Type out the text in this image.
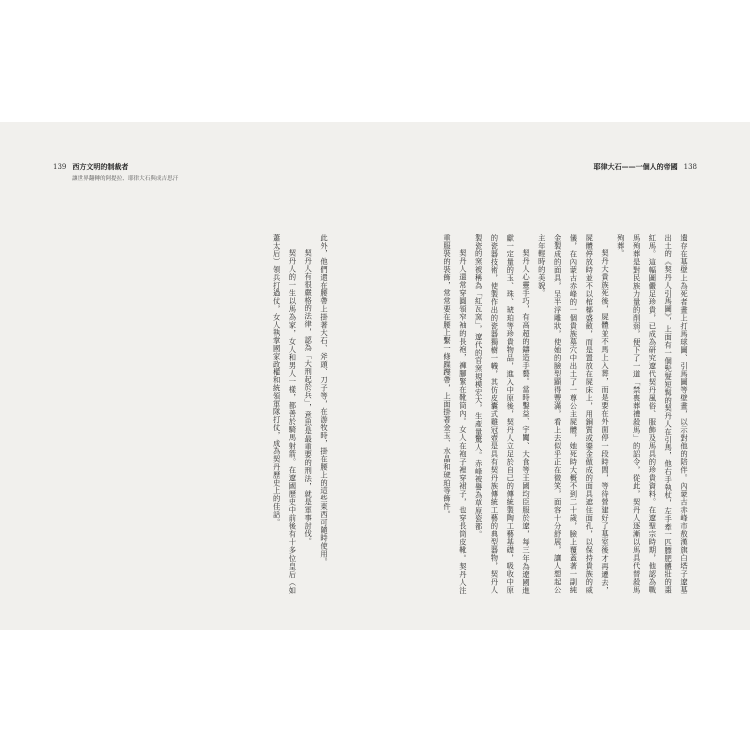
139 西方文明的制裁者
讓世界翻轉的阿提拉、耶律大石與成吉思汗
耶律大石——一個人的帝國 138

遺存在墓壁上為死者畫上打馬球圖、引馬圖等壁畫，以示對他的陪伴。內蒙古赤峰市敖漢旗白塔子遼墓出土的《契丹人引馬圖》，上面有一個髡髮短髯的契丹人在引馬，他右手執杖，左手牽一匹膘肥體壯的棗紅馬。這幅圖儼足珍貴，已成為研究遼代契丹風俗、服飾及馬具的珍貴資料。在遼聖宗時期，他認為戰馬殉葬是對民族力量的削弱，便下了一道「禁喪葬禮殺馬」的詔令，從此，契丹人逐漸以馬具代替殺馬殉葬。

契丹大貴族死後，屍體並不馬上入葬，而是要在外面停一段時間，等待營建好了墓室後才再遷去，屍體停放時並不以棺槨盛斂，而是置放在屍床上，用銅質或鎏金做成的面具遮住面孔，以保持貴族的威儀，在內蒙古赤峰的一個貴族墓穴中出土了一尊公主屍體，她死時大概不到二十歲，臉上覆蓋著一副純金製成的面具，呈半浮雕狀，使她的臉型顯得豐滿，看上去似乎正在微笑，面容十分舒展，讓人想起公主年輕時的美貌。

契丹人心靈手巧，有高超的鑄造手藝。當時鑿益、宇闐、大食等王國均臣服於遼，每三年為遼國進獻一定量的玉、珠、琥珀等珍貴物品，進入中原後，契丹人立足於自己的傳統製陶工藝基礎，吸收中原的瓷器技術，使製作出的瓷器獨樹一幟，其仿皮囊式雞冠壺是具有契丹族傳統工藝的典型器物，契丹人製瓷的窯被稱為「紅瓦窯」，遼代的官窯規模宏大，生產量驚人。赤峰被譽為草原瓷都。

契丹人還常穿圓領窄袖的長袍，褲腳緊在靴筒內。女人在袍子裡穿裙子，也穿長筒皮靴。契丹人注重服裝的裝飾，常常要在腰上繫一條蹀躞帶，上面掛著金玉、水晶和琥珀等飾件。

此外，他們還在腰帶上掛著大石、斧頭、刀子等，在游牧時，掛在腰上的這些東西可隨時使用。

契丹人有很嚴格的法律，認為「大刑起於兵」，意思是最重要的刑法，就是軍事討伐。

契丹人的一生以馬為家，女人和男人一樣，都善於騎馬射箭。在遼國歷史中前後有十多位皇后（如蕭太后）領兵打過仗，女人執掌國家政權和統領軍隊打仗，成為契丹歷史上的佳話。
